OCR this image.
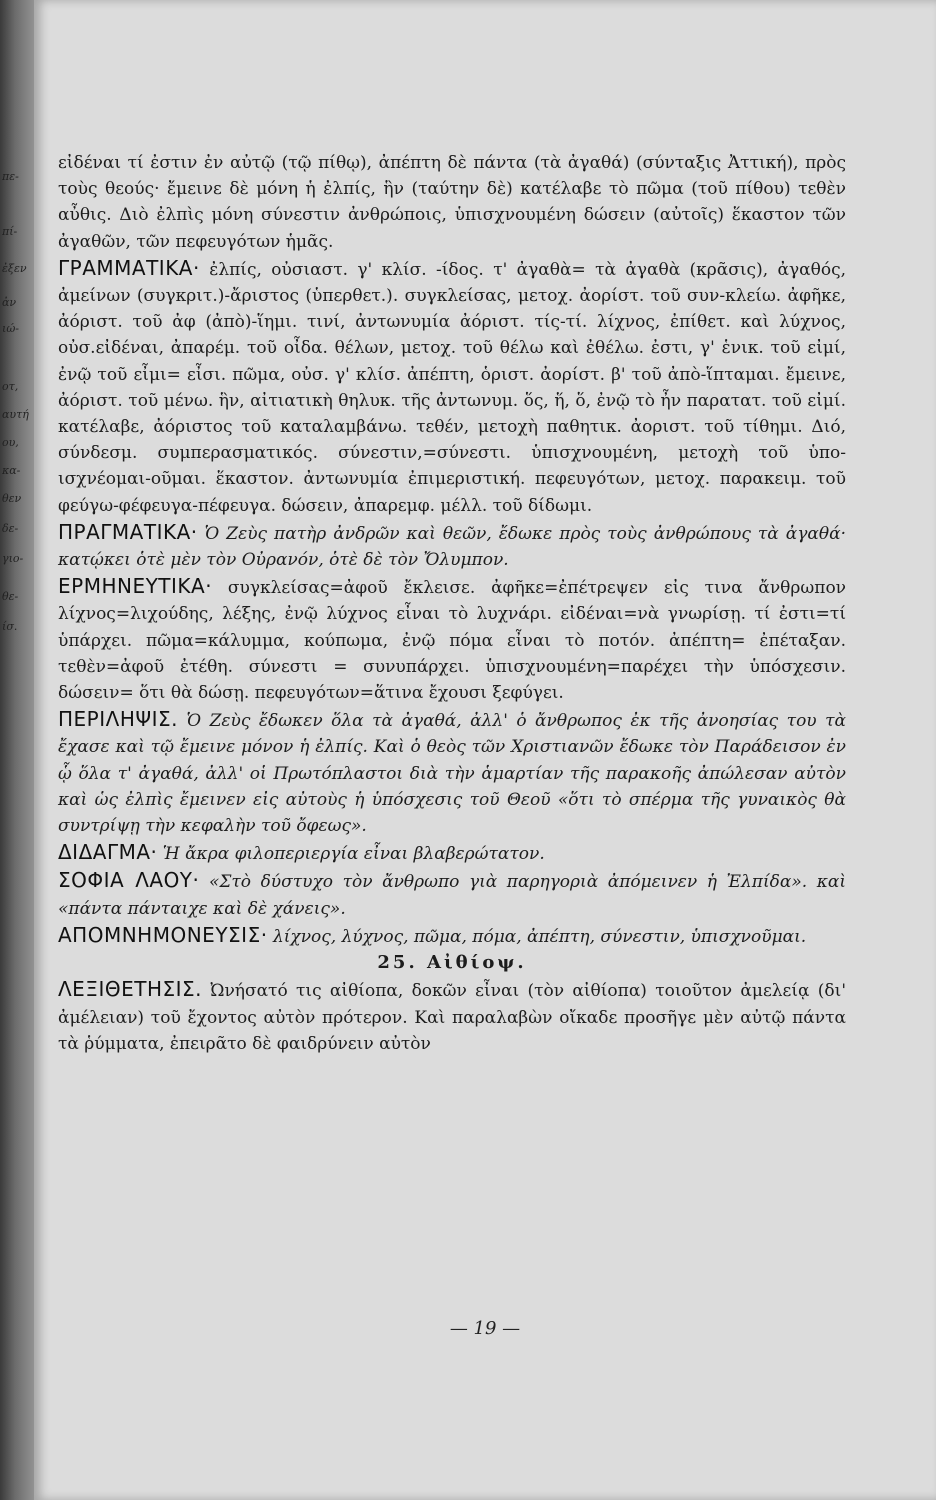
πε-
πί-
ἐξεν
ἀν
ιώ-
οτ,
αυτή
ου,
κα-
θεν
δε-
γιο-
θε-
ίσ.

εἰδέναι τί ἐστιν ἐν αὐτῷ (τῷ πίθῳ), ἀπέπτη δὲ πάντα (τὰ ἀγαθά) (σύνταξις Ἀττική), πρὸς τοὺς θεούς· ἔμεινε δὲ μόνη ἡ ἐλπίς, ἣν (ταύτην δὲ) κατέλαβε τὸ πῶμα (τοῦ πίθου) τεθὲν αὖθις. Διὸ ἐλπὶς μόνη σύνεστιν ἀνθρώποις, ὑπισχνουμένη δώσειν (αὐτοῖς) ἕκαστον τῶν ἀγαθῶν, τῶν πεφευγότων ἡμᾶς.

ΓΡΑΜΜΑΤΙΚΑ· ἐλπίς, οὐσιαστ. γ' κλίσ. -ίδος. τ' ἀγαθὰ= τὰ ἀγαθὰ (κρᾶσις), ἀγαθός, ἀμείνων (συγκριτ.)-ἄριστος (ὑπερθετ.). συγκλείσας, μετοχ. ἀορίστ. τοῦ συν-κλείω. ἀφῆκε, ἀόριστ. τοῦ ἀφ (ἀπὸ)-ἵημι. τινί, ἀντωνυμία ἀόριστ. τίς-τί. λίχνος, ἐπίθετ. καὶ λύχνος, οὐσ.εἰδέναι, ἀπαρέμ. τοῦ οἶδα. θέλων, μετοχ. τοῦ θέλω καὶ ἐθέλω. ἐστι, γ' ἑνικ. τοῦ εἰμί, ἐνῷ τοῦ εἶμι= εἶσι. πῶμα, οὐσ. γ' κλίσ. ἀπέπτη, ὁριστ. ἀορίστ. β' τοῦ ἀπὸ-ἵπταμαι. ἔμεινε, ἀόριστ. τοῦ μένω. ἣν, αἰτιατικὴ θηλυκ. τῆς ἀντωνυμ. ὅς, ἥ, ὅ, ἐνῷ τὸ ἦν παρατατ. τοῦ εἰμί. κατέλαβε, ἀόριστος τοῦ καταλαμβάνω. τεθέν, μετοχὴ παθητικ. ἀοριστ. τοῦ τίθημι. Διό, σύνδεσμ. συμπερασματικός. σύνεστιν,=σύνεστι. ὑπισχνουμένη, μετοχὴ τοῦ ὑπο-ισχνέομαι-οῦμαι. ἕκαστον. ἀντωνυμία ἐπιμεριστική. πεφευγότων, μετοχ. παρακειμ. τοῦ φεύγω-φέφευγα-πέφευγα. δώσειν, ἀπαρεμφ. μέλλ. τοῦ δίδωμι.

ΠΡΑΓΜΑΤΙΚΑ· Ὁ Ζεὺς πατὴρ ἀνδρῶν καὶ θεῶν, ἔδωκε πρὸς τοὺς ἀνθρώπους τὰ ἀγαθά· κατῴκει ὁτὲ μὲν τὸν Οὐρανόν, ὁτὲ δὲ τὸν Ὄλυμπον.

ΕΡΜΗΝΕΥΤΙΚΑ· συγκλείσας=ἀφοῦ ἔκλεισε. ἀφῆκε=ἐπέτρεψεν εἰς τινα ἄνθρωπον λίχνος=λιχούδης, λέξης, ἐνῷ λύχνος εἶναι τὸ λυχνάρι. εἰδέναι=νὰ γνωρίσῃ. τί ἐστι=τί ὑπάρχει. πῶμα=κάλυμμα, κούπωμα, ἐνῷ πόμα εἶναι τὸ ποτόν. ἀπέπτη= ἐπέταξαν. τεθὲν=ἀφοῦ ἐτέθη. σύνεστι = συνυπάρχει. ὑπισχνουμένη=παρέχει τὴν ὑπόσχεσιν. δώσειν= ὅτι θὰ δώσῃ. πεφευγότων=ἅτινα ἔχουσι ξεφύγει.

ΠΕΡΙΛΗΨΙΣ. Ὁ Ζεὺς ἔδωκεν ὅλα τὰ ἀγαθά, ἀλλ' ὁ ἄνθρωπος ἐκ τῆς ἀνοησίας του τὰ ἔχασε καὶ τῷ ἔμεινε μόνον ἡ ἐλπίς. Καὶ ὁ θεὸς τῶν Χριστιανῶν ἔδωκε τὸν Παράδεισον ἐν ᾧ ὅλα τ' ἀγαθά, ἀλλ' οἱ Πρωτόπλαστοι διὰ τὴν ἁμαρτίαν τῆς παρακοῆς ἀπώλεσαν αὐτὸν καὶ ὡς ἐλπὶς ἔμεινεν εἰς αὐτοὺς ἡ ὑπόσχεσις τοῦ Θεοῦ «ὅτι τὸ σπέρμα τῆς γυναικὸς θὰ συντρίψῃ τὴν κεφαλὴν τοῦ ὄφεως».

ΔΙΔΑΓΜΑ· Ἡ ἄκρα φιλοπεριεργία εἶναι βλαβερώτατον.

ΣΟΦΙΑ ΛΑΟΥ· «Στὸ δύστυχο τὸν ἄνθρωπο γιὰ παρηγοριὰ ἀπόμεινεν ἡ Ἐλπίδα». καὶ «πάντα πάνταιχε καὶ δὲ χάνεις».

ΑΠΟΜΝΗΜΟΝΕΥΣΙΣ· λίχνος, λύχνος, πῶμα, πόμα, ἀπέπτη, σύνεστιν, ὑπισχνοῦμαι.

25. Αἰθίοψ.

ΛΕΞΙΘΕΤΗΣΙΣ. Ὠνήσατό τις αἰθίοπα, δοκῶν εἶναι (τὸν αἰθίοπα) τοιοῦτον ἀμελείᾳ (δι' ἀμέλειαν) τοῦ ἔχοντος αὐτὸν πρότερον. Καὶ παραλαβὼν οἴκαδε προσῆγε μὲν αὐτῷ πάντα τὰ ῥύμματα, ἐπειρᾶτο δὲ φαιδρύνειν αὐτὸν

— 19 —
